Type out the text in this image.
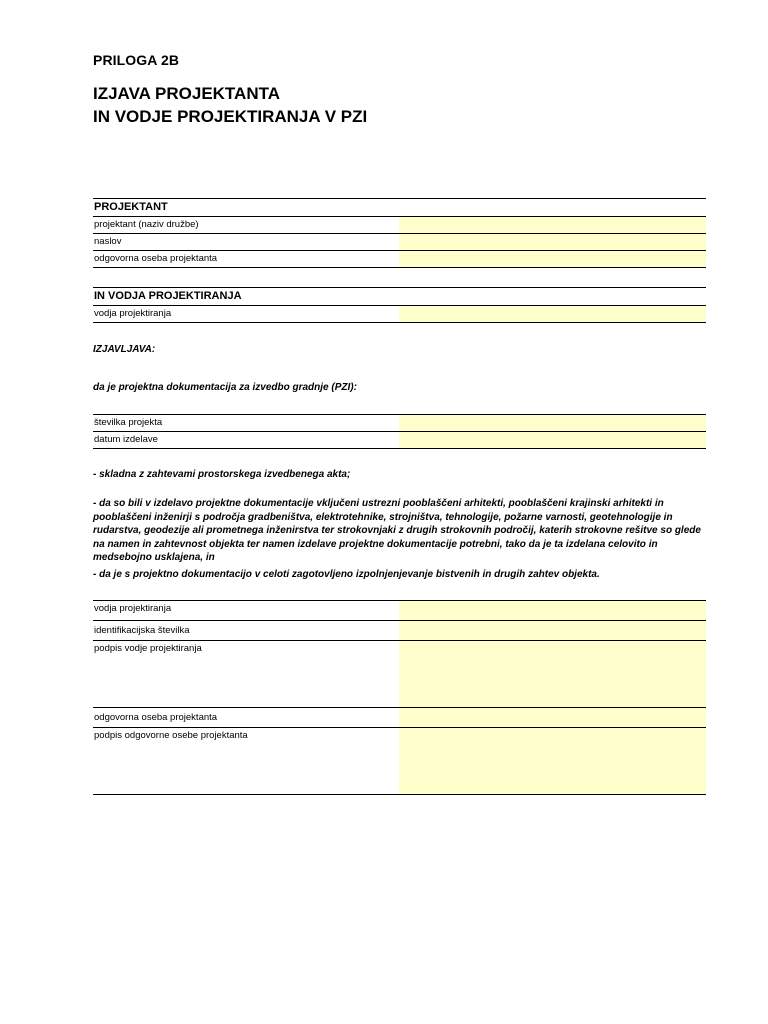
PRILOGA 2B
IZJAVA PROJEKTANTA
IN VODJE PROJEKTIRANJA V PZI
PROJEKTANT
projektant (naziv družbe)
naslov
odgovorna oseba projektanta
IN VODJA PROJEKTIRANJA
vodja projektiranja
IZJAVLJAVA:
da je projektna dokumentacija za izvedbo gradnje (PZI):
številka projekta
datum izdelave
- skladna z zahtevami prostorskega izvedbenega akta;
- da so bili v izdelavo projektne dokumentacije vključeni ustrezni pooblaščeni arhitekti, pooblaščeni krajinski arhitekti in pooblaščeni inženirji s področja gradbeništva, elektrotehnike, strojništva, tehnologije, požarne varnosti, geotehnologije in rudarstva, geodezije ali prometnega inženirstva ter strokovnjaki z drugih strokovnih področij, katerih strokovne rešitve so glede na namen in zahtevnost objekta ter namen izdelave projektne dokumentacije potrebni, tako da je ta izdelana celovito in medsebojno usklajena, in
- da je s projektno dokumentacijo v celoti zagotovljeno izpolnjenjevanje bistvenih in drugih zahtev objekta.
vodja projektiranja
identifikacijska številka
podpis vodje projektiranja
odgovorna oseba projektanta
podpis odgovorne osebe projektanta
